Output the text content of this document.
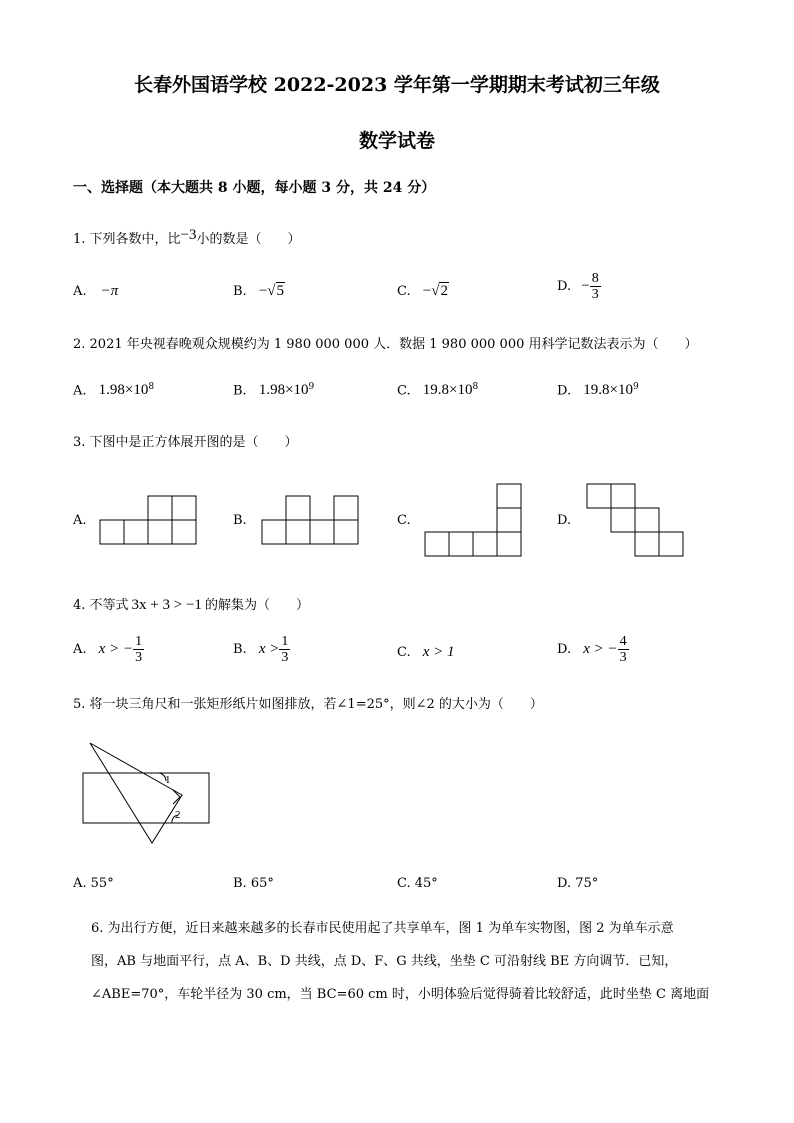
长春外国语学校 2022-2023 学年第一学期期末考试初三年级
数学试卷
一、选择题（本大题共 8 小题，每小题 3 分，共 24 分）
1. 下列各数中，比−3小的数是（　　）
A. −π	B. −√5	C. −√2	D. − $\frac{8}{3}$
2. 2021 年央视春晚观众规模约为 1 980 000 000 人．数据 1 980 000 000 用科学记数法表示为（　　）
A. $1.98\times 10^8$	B. $1.98\times 10^9$	C. $19.8\times 10^8$	D. $19.8\times 10^9$
3. 下图中是正方体展开图的是（　　）
A.	B.	C.	D.
4. 不等式 3x + 3 > −1 的解集为（　　）
A. x > − $\frac{1}{3}$	B. $x > \frac{1}{3}$	C. x > 1	D. x > − $\frac{4}{3}$
5. 将一块三角尺和一张矩形纸片如图排放，若∠1=25°，则∠2 的大小为（　　）
1
2
A. 55°	B. 65°	C. 45°	D. 75°
6. 为出行方便，近日来越来越多的长春市民使用起了共享单车，图 1 为单车实物图，图 2 为单车示意
图，AB 与地面平行，点 A、B、D 共线，点 D、F、G 共线，坐垫 C 可沿射线 BE 方向调节．已知，
∠ABE=70°，车轮半径为 30 cm，当 BC=60 cm 时，小明体验后觉得骑着比较舒适，此时坐垫 C 离地面
